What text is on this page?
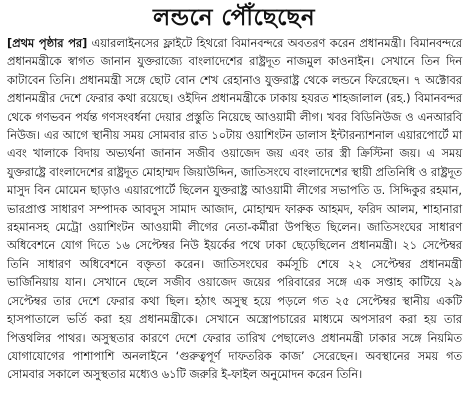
লন্ডনে পৌঁছেছেন

[প্রথম পৃষ্ঠার পর] এয়ারলাইনসের ফ্লাইটে হিথরো বিমানবন্দরে অবতরণ করেন প্রধানমন্ত্রী। বিমানবন্দরে প্রধানমন্ত্রীকে স্বাগত জানান যুক্তরাজ্যে বাংলাদেশের রাষ্ট্রদূত নাজমুল কাওনাইন। সেখানে তিন দিন কাটাবেন তিনি। প্রধানমন্ত্রী সঙ্গে ছোট বোন শেখ রেহানাও যুক্তরাষ্ট্র থেকে লন্ডনে ফিরেছেন। ৭ অক্টোবর প্রধানমন্ত্রীর দেশে ফেরার কথা রয়েছে। ওইদিন প্রধানমন্ত্রীকে ঢাকায় হযরত শাহজালাল (রহ.) বিমানবন্দর থেকে গণভবন পর্যন্ত গণসংবর্ধনা দেয়ার প্রস্তুতি নিয়েছে আওয়ামী লীগ। খবর বিডিনিউজ ও এনআরবি নিউজ। এর আগে স্থানীয় সময় সোমবার রাত ১০টায় ওয়াশিংটন ডালাস ইন্টারন্যাশনাল এয়ারপোর্টে মা এবং খালাকে বিদায় অভ্যর্থনা জানান সজীব ওয়াজেদ জয় এবং তার স্ত্রী ক্রিস্টিনা জয়। এ সময় যুক্তরাষ্ট্রে বাংলাদেশের রাষ্ট্রদূত মোহাম্মদ জিয়াউদ্দিন, জাতিসংঘে বাংলাদেশের স্থায়ী প্রতিনিধি ও রাষ্ট্রদূত মাসুদ বিন মোমেন ছাড়াও এয়ারপোর্টে ছিলেন যুক্তরাষ্ট্র আওয়ামী লীগের সভাপতি ড. সিদ্দিকুর রহমান, ভারপ্রাপ্ত সাধারণ সম্পাদক আবদুস সামাদ আজাদ, মোহাম্মদ ফারুক আহমদ, ফরিদ আলম, শাহানারা রহমানসহ মেট্রো ওয়াশিংটন আওয়ামী লীগের নেতা-কর্মীরা উপস্থিত ছিলেন। জাতিসংঘের সাধারণ অধিবেশনে যোগ দিতে ১৬ সেপ্টেম্বর নিউ ইয়র্কের পথে ঢাকা ছেড়েছিলেন প্রধানমন্ত্রী। ২১ সেপ্টেম্বর তিনি সাধারণ অধিবেশনে বক্তৃতা করেন। জাতিসংঘের কর্মসূচি শেষে ২২ সেপ্টেম্বর প্রধানমন্ত্রী ভার্জিনিয়ায় যান। সেখানে ছেলে সজীব ওয়াজেদ জয়ের পরিবারের সঙ্গে এক সপ্তাহ কাটিয়ে ২৯ সেপ্টেম্বর তার দেশে ফেরার কথা ছিল। হঠাৎ অসুস্থ হয়ে পড়লে গত ২৫ সেপ্টেম্বর স্থানীয় একটি হাসপাতালে ভর্তি করা হয় প্রধানমন্ত্রীকে। সেখানে অস্ত্রোপচারের মাধ্যমে অপসারণ করা হয় তার পিত্তথলির পাথর। অসুস্থতার কারণে দেশে ফেরার তারিখ পেছালেও প্রধানমন্ত্রী ঢাকার সঙ্গে নিয়মিত যোগাযোগের পাশাপাশি অনলাইনে ‘গুরুত্বপূর্ণ দাফতরিক কাজ’ সেরেছেন। অবস্থানের সময় গত সোমবার সকালে অসুস্থতার মধ্যেও ৬১টি জরুরি ই-ফাইল অনুমোদন করেন তিনি।
